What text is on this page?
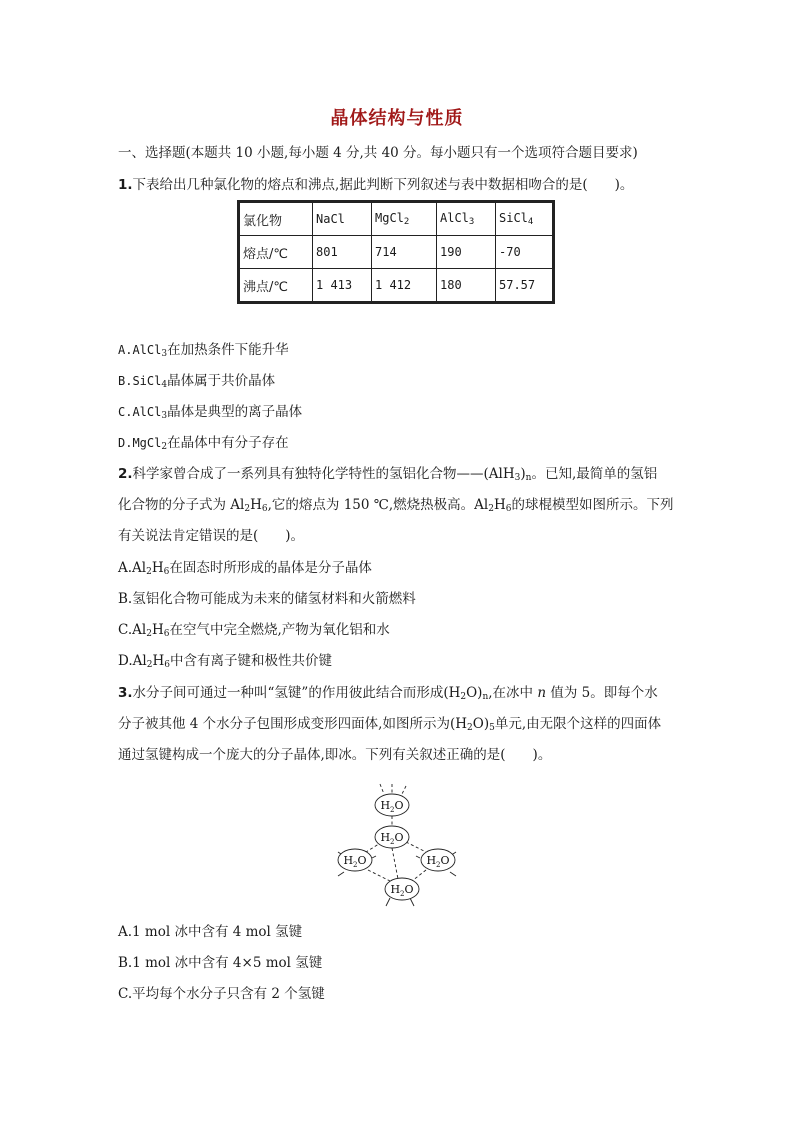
晶体结构与性质
一、选择题(本题共 10 小题,每小题 4 分,共 40 分。每小题只有一个选项符合题目要求)
1.下表给出几种氯化物的熔点和沸点,据此判断下列叙述与表中数据相吻合的是(　　)。
氯化物	NaCl	MgCl$_2$	AlCl$_3$	SiCl$_4$
熔点/℃	801	714	190	-70
沸点/℃	1 413	1 412	180	57.57
A.AlCl$_3$在加热条件下能升华
B.SiCl$_4$晶体属于共价晶体
C.AlCl$_3$晶体是典型的离子晶体
D.MgCl$_2$在晶体中有分子存在
2.科学家曾合成了一系列具有独特化学特性的氢铝化合物$——(AlH_3)_n$。已知,最简单的氢铝
化合物的分子式为 $Al_2H_6$,它的熔点为 150 ℃,燃烧热极高。$Al_2H_6$的球棍模型如图所示。下列
有关说法肯定错误的是(　　)。
$A.Al_2H_6$在固态时所形成的晶体是分子晶体
B.氢铝化合物可能成为未来的储氢材料和火箭燃料
$C.Al_2H_6$在空气中完全燃烧,产物为氧化铝和水
$D.Al_2H_6$中含有离子键和极性共价键
3.水分子间可通过一种叫“氢键”的作用彼此结合而形成$(H_2O)_n$,在冰中 n 值为 5。即每个水
分子被其他 4 个水分子包围形成变形四面体,如图所示为$(H_2O)_5$单元,由无限个这样的四面体
通过氢键构成一个庞大的分子晶体,即冰。下列有关叙述正确的是(　　)。
$H_2O$
$H_2O$
$H_2O$	$H_2O$
$H_2O$
A.1 mol 冰中含有 4 mol 氢键
B.1 mol 冰中含有 4×5 mol 氢键
C.平均每个水分子只含有 2 个氢键
